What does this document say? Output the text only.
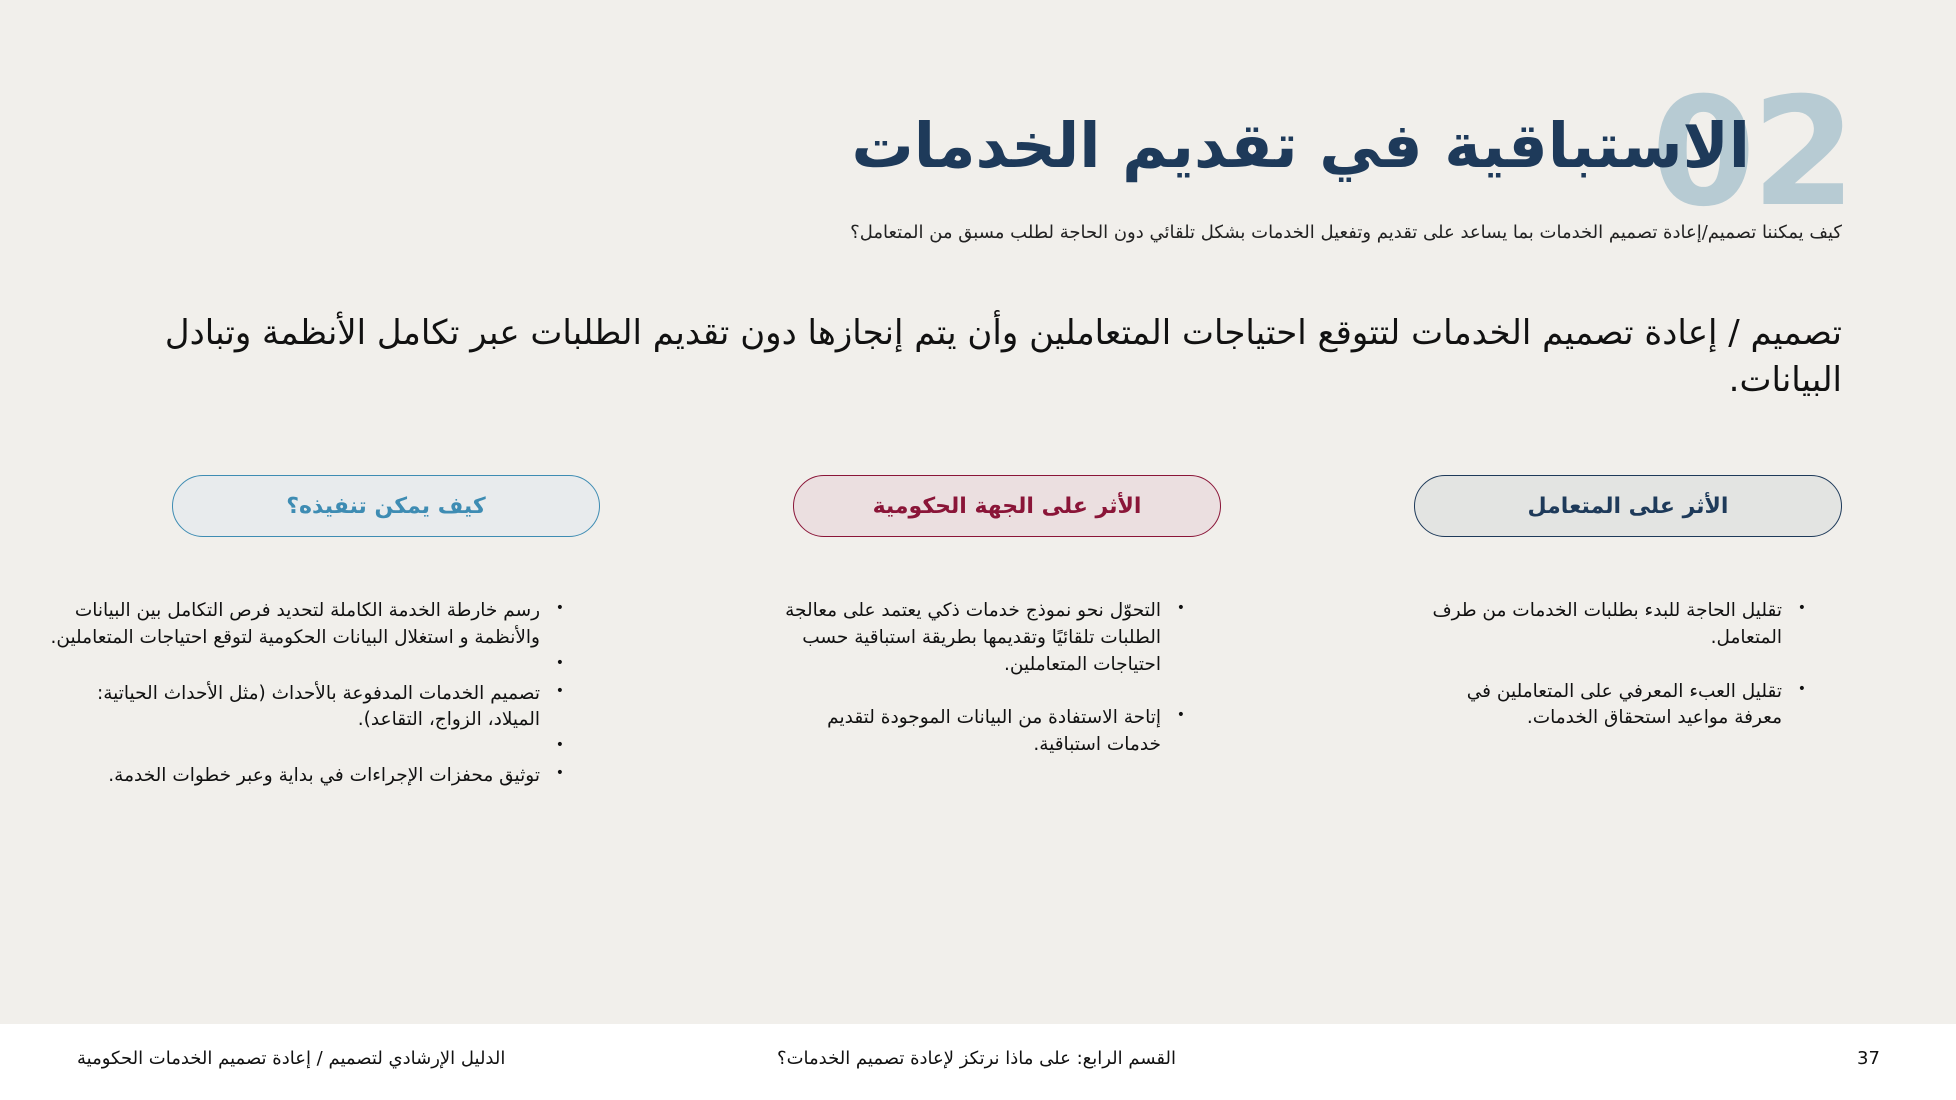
02
الاستباقية في تقديم الخدمات

كيف يمكننا تصميم/إعادة تصميم الخدمات بما يساعد على تقديم وتفعيل الخدمات بشكل تلقائي دون الحاجة لطلب مسبق من المتعامل؟

تصميم / إعادة تصميم الخدمات لتتوقع احتياجات المتعاملين وأن يتم إنجازها دون تقديم الطلبات عبر تكامل الأنظمة وتبادل البيانات.

الأثر على المتعامل
الأثر على الجهة الحكومية
كيف يمكن تنفيذه؟
• تقليل الحاجة للبدء بطلبات الخدمات من طرف المتعامل.
• تقليل العبء المعرفي على المتعاملين في معرفة مواعيد استحقاق الخدمات.
• التحوّل نحو نموذج خدمات ذكي يعتمد على معالجة الطلبات تلقائيًا وتقديمها بطريقة استباقية حسب احتياجات المتعاملين.
• إتاحة الاستفادة من البيانات الموجودة لتقديم خدمات استباقية.
• رسم خارطة الخدمة الكاملة لتحديد فرص التكامل بين البيانات والأنظمة و استغلال البيانات الحكومية لتوقع احتياجات المتعاملين.
•
• تصميم الخدمات المدفوعة بالأحداث (مثل الأحداث الحياتية: الميلاد، الزواج، التقاعد).
•
• توثيق محفزات الإجراءات في بداية وعبر خطوات الخدمة.
37
القسم الرابع: على ماذا نرتكز لإعادة تصميم الخدمات؟
الدليل الإرشادي لتصميم / إعادة تصميم الخدمات الحكومية
